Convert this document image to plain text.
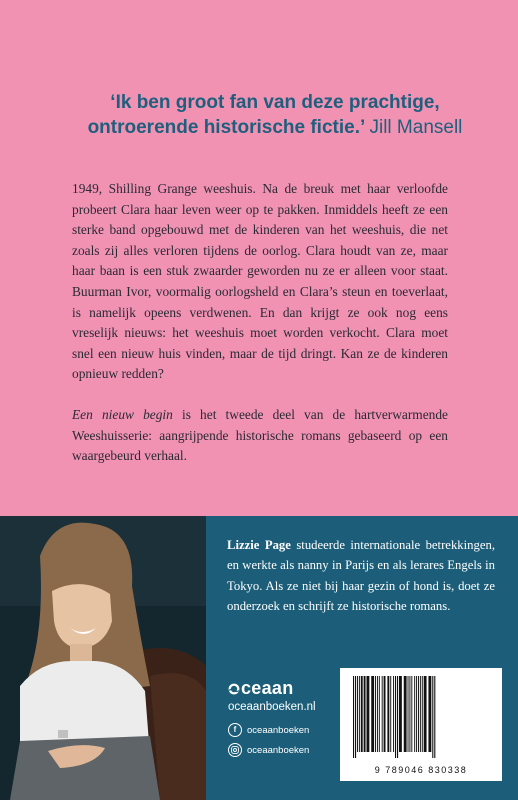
‘Ik ben groot fan van deze prachtige, ontroerende historische fictie.’ Jill Mansell

1949, Shilling Grange weeshuis. Na de breuk met haar verloofde probeert Clara haar leven weer op te pakken. Inmiddels heeft ze een sterke band opgebouwd met de kinderen van het weeshuis, die net zoals zij alles verloren tijdens de oorlog. Clara houdt van ze, maar haar baan is een stuk zwaarder geworden nu ze er alleen voor staat. Buurman Ivor, voormalig oorlogsheld en Clara’s steun en toeverlaat, is namelijk opeens verdwenen. En dan krijgt ze ook nog eens vreselijk nieuws: het weeshuis moet worden verkocht. Clara moet snel een nieuw huis vinden, maar de tijd dringt. Kan ze de kinderen opnieuw redden?

Een nieuw begin is het tweede deel van de hartverwarmende Weeshuisserie: aangrijpende historische romans gebaseerd op een waargebeurd verhaal.

Lizzie Page studeerde internationale betrekkingen, en werkte als nanny in Parijs en als lerares Engels in Tokyo. Als ze niet bij haar gezin of hond is, doet ze onderzoek en schrijft ze historische romans.
ceaan
oceaanboeken.nl
f	oceaanboeken
oceaanboeken
9 789046 830338
